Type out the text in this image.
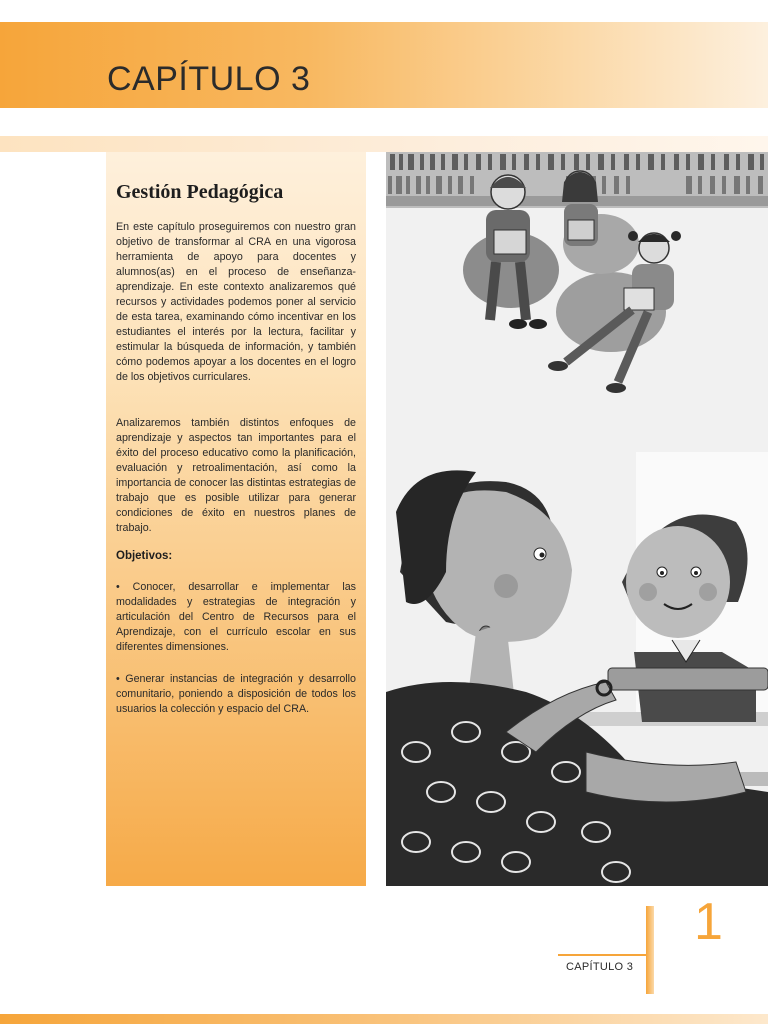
CAPÍTULO 3
Gestión Pedagógica

En este capítulo proseguiremos con nuestro gran objetivo de transformar al CRA en una vigorosa herramienta de apoyo para docentes y alumnos(as) en el proceso de enseñanza-aprendizaje. En este contexto analizaremos qué recursos y actividades podemos poner al servicio de esta tarea, examinando cómo incentivar en los estudiantes el interés por la lectura, facilitar y estimular la búsqueda de información, y también cómo podemos apoyar a los docentes en el logro de los objetivos curriculares.

Analizaremos también distintos enfoques de aprendizaje y aspectos tan importantes para el éxito del proceso educativo como la planificación, evaluación y retroalimentación, así como la importancia de conocer las distintas estrategias de trabajo que es posible utilizar para generar condiciones de éxito en nuestros planes de trabajo.

Objetivos:

• Conocer, desarrollar e implementar las modalidades y estrategias de integración y articulación del Centro de Recursos para el Aprendizaje, con el currículo escolar en sus diferentes dimensiones.

• Generar instancias de integración y desarrollo comunitario, poniendo a disposición de todos los usuarios la colección y espacio del CRA.

CAPÍTULO 3
1
